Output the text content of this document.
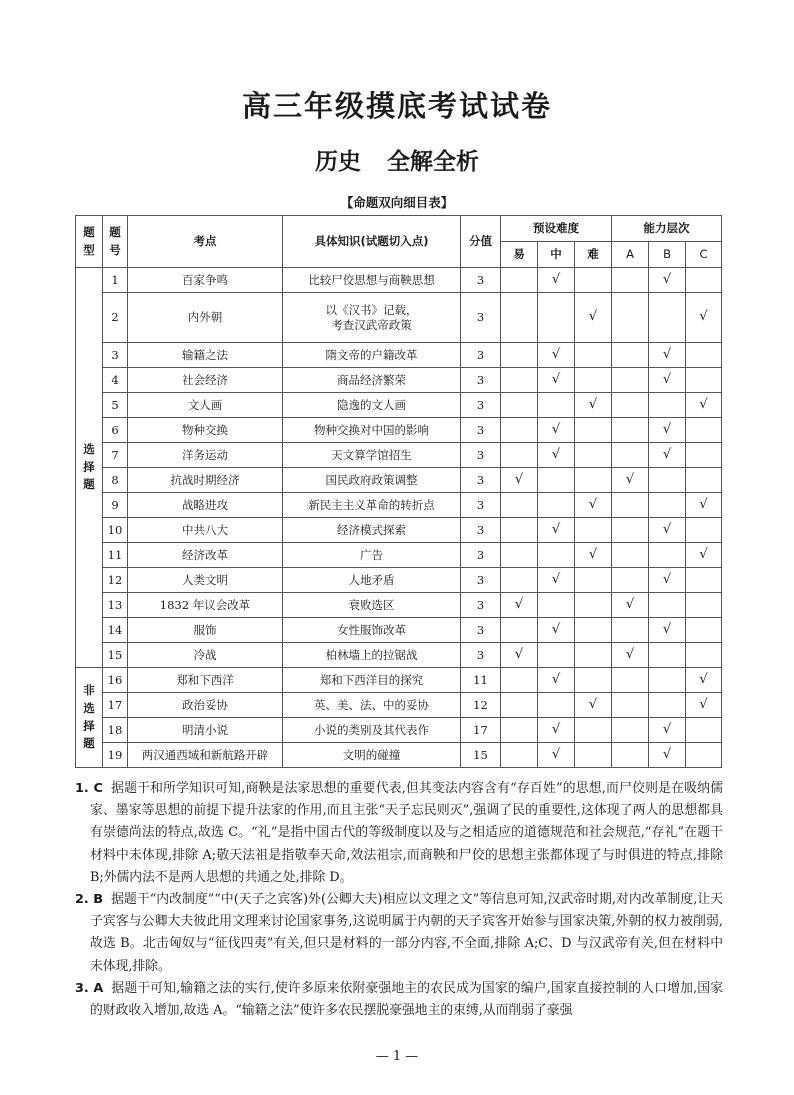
高三年级摸底考试试卷
历史 全解全析
【命题双向细目表】
题型	题号	考点	具体知识(试题切入点)	分值	预设难度			能力层次		
					易	中	难	A	B	C
选择题	1	百家争鸣	比较尸佼思想与商鞅思想	3		√			√	
	2	内外朝	以《汉书》记载，
考查汉武帝政策	3			√			√
	3	输籍之法	隋文帝的户籍改革	3		√			√	
	4	社会经济	商品经济繁荣	3		√			√	
	5	文人画	隐逸的文人画	3			√			√
	6	物种交换	物种交换对中国的影响	3		√			√	
	7	洋务运动	天文算学馆招生	3		√			√	
	8	抗战时期经济	国民政府政策调整	3	√			√		
	9	战略进攻	新民主主义革命的转折点	3			√			√
	10	中共八大	经济模式探索	3		√			√	
	11	经济改革	广告	3			√			√
	12	人类文明	人地矛盾	3		√			√	
	13	1832 年议会改革	衰败选区	3	√			√		
	14	服饰	女性服饰改革	3		√			√	
	15	冷战	柏林墙上的拉锯战	3	√			√		
非选择题	16	郑和下西洋	郑和下西洋目的探究	11		√				√
	17	政治妥协	英、美、法、中的妥协	12			√			√
	18	明清小说	小说的类别及其代表作	17		√			√	
	19	两汉通西域和新航路开辟	文明的碰撞	15		√			√	

1. C 据题干和所学知识可知,商鞅是法家思想的重要代表,但其变法内容含有“存百姓”的思想,而尸佼则是在吸纳儒家、墨家等思想的前提下提升法家的作用,而且主张“天子忘民则灭”,强调了民的重要性,这体现了两人的思想都具有崇德尚法的特点,故选 C。“礼”是指中国古代的等级制度以及与之相适应的道德规范和社会规范,“存礼”在题干材料中未体现,排除 A;敬天法祖是指敬奉天命,效法祖宗,而商鞅和尸佼的思想主张都体现了与时俱进的特点,排除 B;外儒内法不是两人思想的共通之处,排除 D。

2. B 据题干“内改制度”“中(天子之宾客)外(公卿大夫)相应以文理之文”等信息可知,汉武帝时期,对内改革制度,让天子宾客与公卿大夫彼此用文理来讨论国家事务,这说明属于内朝的天子宾客开始参与国家决策,外朝的权力被削弱,故选 B。北击匈奴与“征伐四夷”有关,但只是材料的一部分内容,不全面,排除 A;C、D 与汉武帝有关,但在材料中未体现,排除。

3. A 据题干可知,输籍之法的实行,使许多原来依附豪强地主的农民成为国家的编户,国家直接控制的人口增加,国家的财政收入增加,故选 A。“输籍之法”使许多农民摆脱豪强地主的束缚,从而削弱了豪强

— 1 —
